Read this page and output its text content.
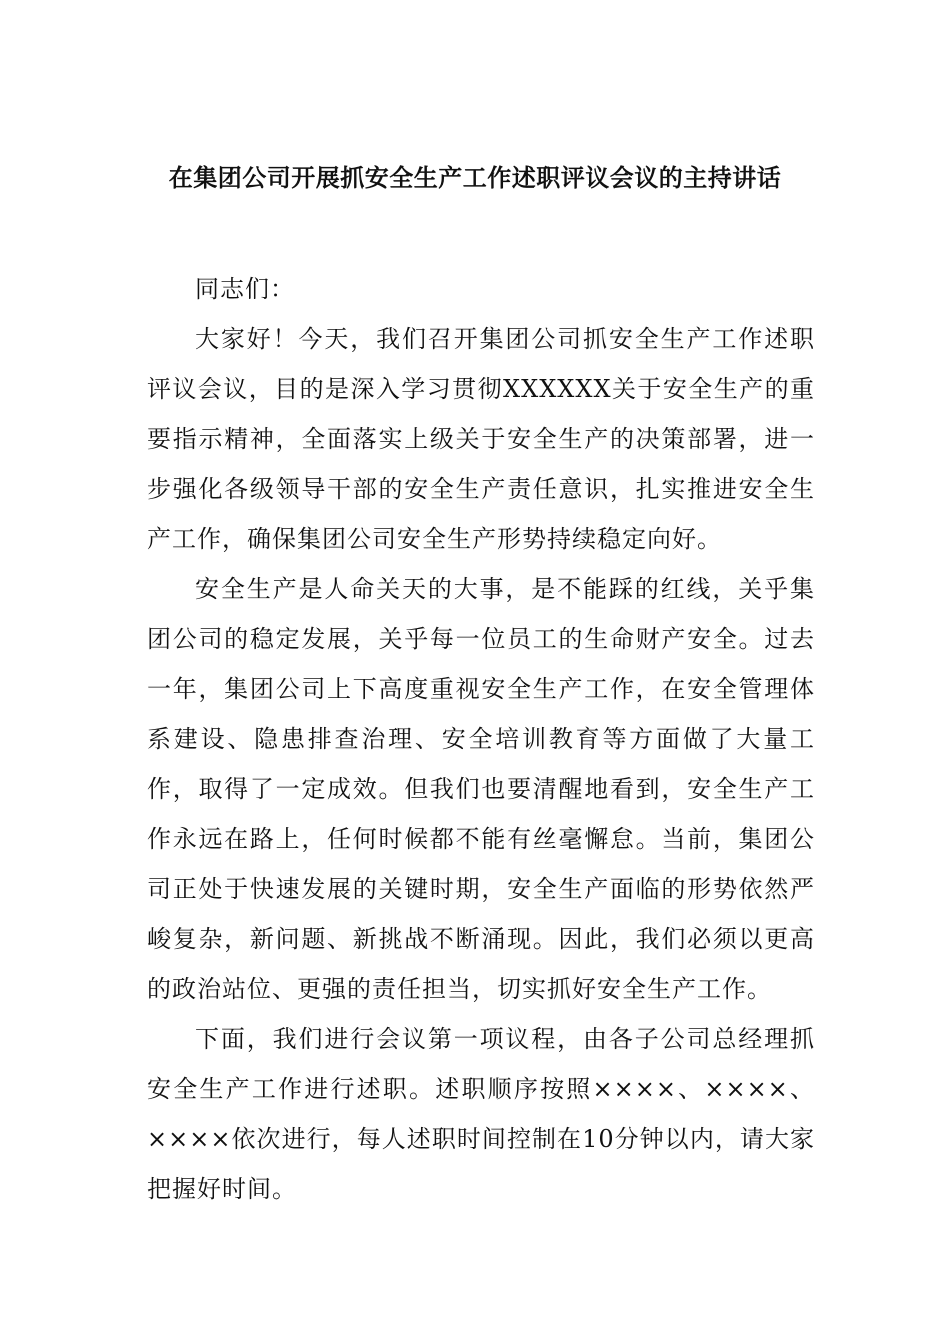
在集团公司开展抓安全生产工作述职评议会议的主持讲话

同志们：

大家好！今天，我们召开集团公司抓安全生产工作述职评议会议，目的是深入学习贯彻XXXXXX关于安全生产的重要指示精神，全面落实上级关于安全生产的决策部署，进一步强化各级领导干部的安全生产责任意识，扎实推进安全生产工作，确保集团公司安全生产形势持续稳定向好。

安全生产是人命关天的大事，是不能踩的红线，关乎集团公司的稳定发展，关乎每一位员工的生命财产安全。过去一年，集团公司上下高度重视安全生产工作，在安全管理体系建设、隐患排查治理、安全培训教育等方面做了大量工作，取得了一定成效。但我们也要清醒地看到，安全生产工作永远在路上，任何时候都不能有丝毫懈怠。当前，集团公司正处于快速发展的关键时期，安全生产面临的形势依然严峻复杂，新问题、新挑战不断涌现。因此，我们必须以更高的政治站位、更强的责任担当，切实抓好安全生产工作。

下面，我们进行会议第一项议程，由各子公司总经理抓安全生产工作进行述职。述职顺序按照××××、××××、××××依次进行，每人述职时间控制在10分钟以内，请大家把握好时间。
